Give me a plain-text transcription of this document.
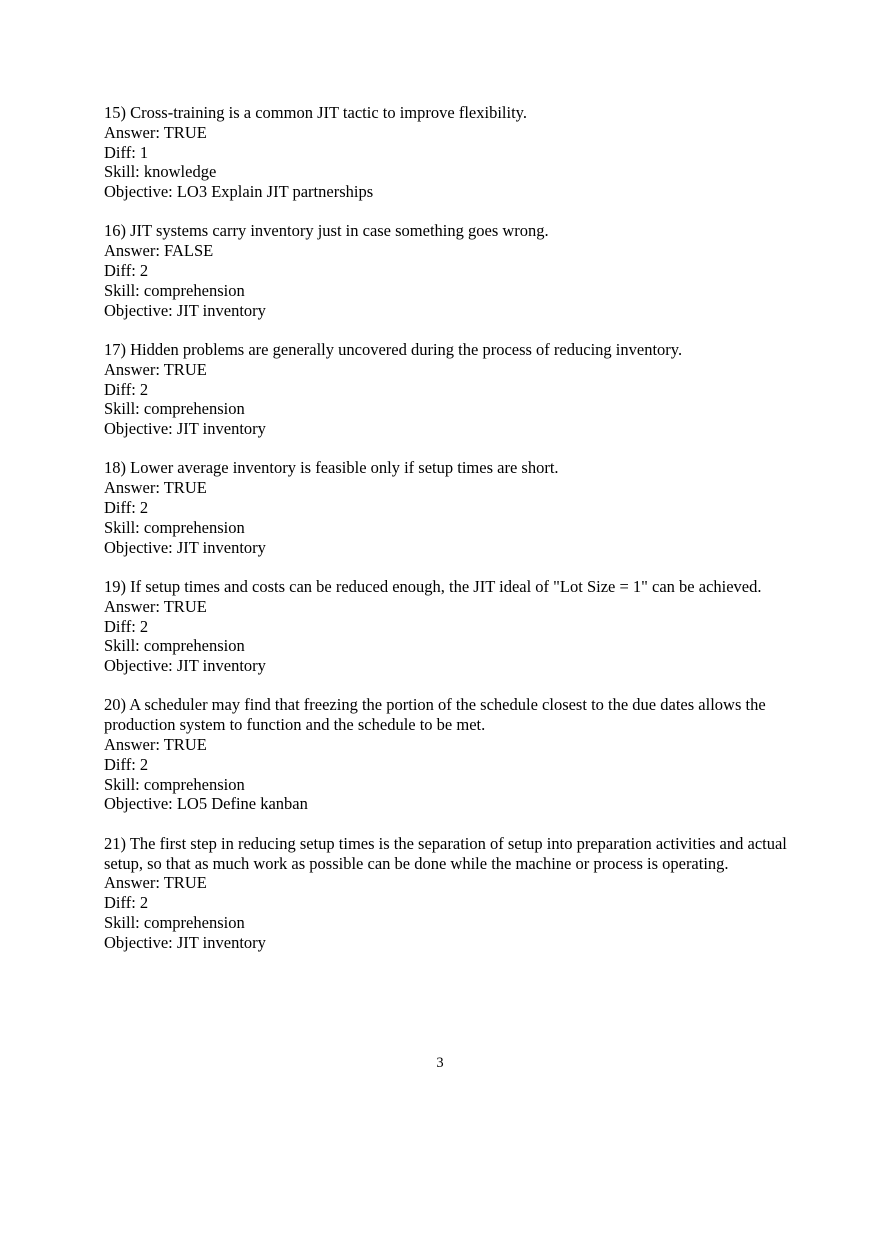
15) Cross-training is a common JIT tactic to improve flexibility.

Answer: TRUE

Diff: 1

Skill: knowledge

Objective: LO3 Explain JIT partnerships

16) JIT systems carry inventory just in case something goes wrong.

Answer: FALSE

Diff: 2

Skill: comprehension

Objective: JIT inventory

17) Hidden problems are generally uncovered during the process of reducing inventory.

Answer: TRUE

Diff: 2

Skill: comprehension

Objective: JIT inventory

18) Lower average inventory is feasible only if setup times are short.

Answer: TRUE

Diff: 2

Skill: comprehension

Objective: JIT inventory

19) If setup times and costs can be reduced enough, the JIT ideal of "Lot Size = 1" can be achieved.

Answer: TRUE

Diff: 2

Skill: comprehension

Objective: JIT inventory

20) A scheduler may find that freezing the portion of the schedule closest to the due dates allows the production system to function and the schedule to be met.

Answer: TRUE

Diff: 2

Skill: comprehension

Objective: LO5 Define kanban

21) The first step in reducing setup times is the separation of setup into preparation activities and actual setup, so that as much work as possible can be done while the machine or process is operating.

Answer: TRUE

Diff: 2

Skill: comprehension

Objective: JIT inventory

3
